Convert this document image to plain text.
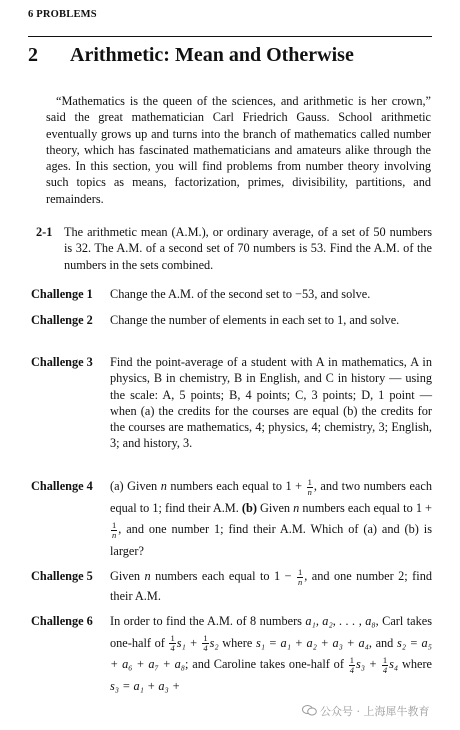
6 PROBLEMS
2 Arithmetic: Mean and Otherwise

“Mathematics is the queen of the sciences, and arithmetic is her crown,” said the great mathematician Carl Friedrich Gauss. School arithmetic eventually grows up and turns into the branch of mathematics called number theory, which has fascinated mathematicians and amateurs alike through the ages. In this section, you will find problems from number theory involving such topics as means, factorization, primes, divisibility, partitions, and remainders.

2-1 The arithmetic mean (A.M.), or ordinary average, of a set of 50 numbers is 32. The A.M. of a second set of 70 numbers is 53. Find the A.M. of the numbers in the sets combined.
Challenge 1 Change the A.M. of the second set to −53, and solve.
Challenge 2 Change the number of elements in each set to 1, and solve.
Challenge 3 Find the point-average of a student with A in mathematics, A in physics, B in chemistry, B in English, and C in history — using the scale: A, 5 points; B, 4 points; C, 3 points; D, 1 point — when (a) the credits for the courses are equal (b) the credits for the courses are mathematics, 4; physics, 4; chemistry, 3; English, 3; and history, 3.
Challenge 4 (a) Given n numbers each equal to $1 + \frac{1}{n}$ , and two numbers each equal to 1; find their A.M. (b) Given n numbers each equal to 1 +
$\frac{1}{n}$ , and one number 1; find their A.M. Which of (a) and (b) is larger?
Challenge 5 Given n numbers each equal to $1 - \frac{1}{n}$ , and one number 2; find their A.M.
Challenge 6 In order to find the A.M. of 8 numbers a₁, a₂, . . . , a₈, Carl takes one-half of $\frac{1}{4} s_1 + \frac{1}{4} s_2$ where s₁ = a₁ + a₂ + a₃ + a₄, and s₂ = a₅ + a₆ + a₇ + a₈; and Caroline takes one-half of $\frac{1}{4} s_3 + \frac{1}{4} s_4$ where s₃ = a₁ + a₃ +
公众号 · 上海犀牛教育
